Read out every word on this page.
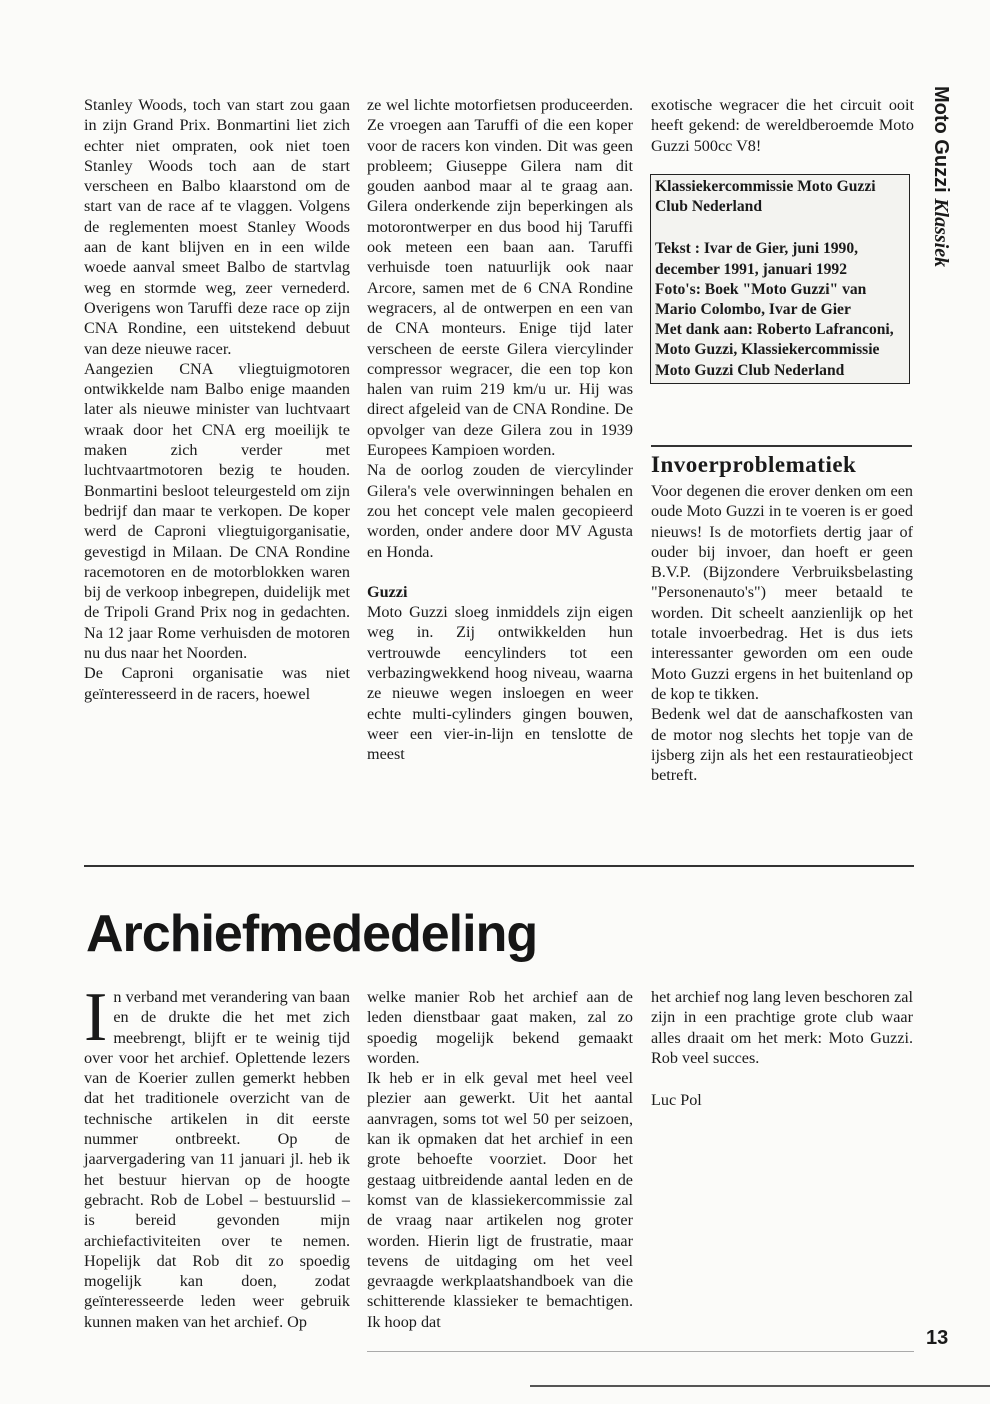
Moto Guzzi Klassiek
Stanley Woods, toch van start zou gaan in zijn Grand Prix. Bonmartini liet zich echter niet ompraten, ook niet toen Stanley Woods toch aan de start verscheen en Balbo klaarstond om de start van de race af te vlaggen. Volgens de reglementen moest Stanley Woods aan de kant blijven en in een wilde woede aanval smeet Balbo de startvlag weg en stormde weg, zeer vernederd. Overigens won Taruffi deze race op zijn CNA Rondine, een uitstekend debuut van deze nieuwe racer.
Aangezien CNA vliegtuigmotoren ontwikkelde nam Balbo enige maanden later als nieuwe minister van luchtvaart wraak door het CNA erg moeilijk te maken zich verder met luchtvaartmotoren bezig te houden. Bonmartini besloot teleurgesteld om zijn bedrijf dan maar te verkopen. De koper werd de Caproni vliegtuigorganisatie, gevestigd in Milaan. De CNA Rondine racemotoren en de motorblokken waren bij de verkoop inbegrepen, duidelijk met de Tripoli Grand Prix nog in gedachten. Na 12 jaar Rome verhuisden de motoren nu dus naar het Noorden.
De Caproni organisatie was niet geïnteresseerd in de racers, hoewel

ze wel lichte motorfietsen produceerden. Ze vroegen aan Taruffi of die een koper voor de racers kon vinden. Dit was geen probleem; Giuseppe Gilera nam dit gouden aanbod maar al te graag aan. Gilera onderkende zijn beperkingen als motorontwerper en dus bood hij Taruffi ook meteen een baan aan. Taruffi verhuisde toen natuurlijk ook naar Arcore, samen met de 6 CNA Rondine wegracers, al de ontwerpen en een van de CNA monteurs. Enige tijd later verscheen de eerste Gilera viercylinder compressor wegracer, die een top kon halen van ruim 219 km/u ur. Hij was direct afgeleid van de CNA Rondine. De opvolger van deze Gilera zou in 1939 Europees Kampioen worden.
Na de oorlog zouden de viercylinder Gilera's vele overwinningen behalen en zou het concept vele malen gecopieerd worden, onder andere door MV Agusta en Honda.

Guzzi

Moto Guzzi sloeg inmiddels zijn eigen weg in. Zij ontwikkelden hun vertrouwde eencylinders tot een verbazingwekkend hoog niveau, waarna ze nieuwe wegen insloegen en weer echte multi-cylinders gingen bouwen, weer een vier-in-lijn en tenslotte de meest

exotische wegracer die het circuit ooit heeft gekend: de wereldberoemde Moto Guzzi 500cc V8!

Klassiekercommissie Moto Guzzi Club Nederland

Tekst : Ivar de Gier, juni 1990, december 1991, januari 1992

Foto's: Boek "Moto Guzzi" van Mario Colombo, Ivar de Gier

Met dank aan: Roberto Lafranconi, Moto Guzzi, Klassiekercommissie Moto Guzzi Club Nederland

Invoerproblematiek
Voor degenen die erover denken om een oude Moto Guzzi in te voeren is er goed nieuws! Is de motorfiets dertig jaar of ouder bij invoer, dan hoeft er geen B.V.P. (Bijzondere Verbruiksbelasting "Personenauto's") meer betaald te worden. Dit scheelt aanzienlijk op het totale invoerbedrag. Het is dus iets interessanter geworden om een oude Moto Guzzi ergens in het buitenland op de kop te tikken.
Bedenk wel dat de aanschafkosten van de motor nog slechts het topje van de ijsberg zijn als het een restauratieobject betreft.
Archiefmededeling
In verband met verandering van baan en de drukte die het met zich meebrengt, blijft er te weinig tijd over voor het archief. Oplettende lezers van de Koerier zullen gemerkt hebben dat het traditionele overzicht van de technische artikelen in dit eerste nummer ontbreekt. Op de jaarvergadering van 11 januari jl. heb ik het bestuur hiervan op de hoogte gebracht. Rob de Lobel – bestuurslid – is bereid gevonden mijn archiefactiviteiten over te nemen. Hopelijk dat Rob dit zo spoedig mogelijk kan doen, zodat geïnteresseerde leden weer gebruik kunnen maken van het archief. Op
welke manier Rob het archief aan de leden dienstbaar gaat maken, zal zo spoedig mogelijk bekend gemaakt worden.
Ik heb er in elk geval met heel veel plezier aan gewerkt. Uit het aantal aanvragen, soms tot wel 50 per seizoen, kan ik opmaken dat het archief in een grote behoefte voorziet. Door het gestaag uitbreidende aantal leden en de komst van de klassiekercommissie zal de vraag naar artikelen nog groter worden. Hierin ligt de frustratie, maar tevens de uitdaging om het veel gevraagde werkplaatshandboek van die schitterende klassieker te bemachtigen. Ik hoop dat

het archief nog lang leven beschoren zal zijn in een prachtige grote club waar alles draait om het merk: Moto Guzzi. Rob veel succes.

Luc Pol

13
